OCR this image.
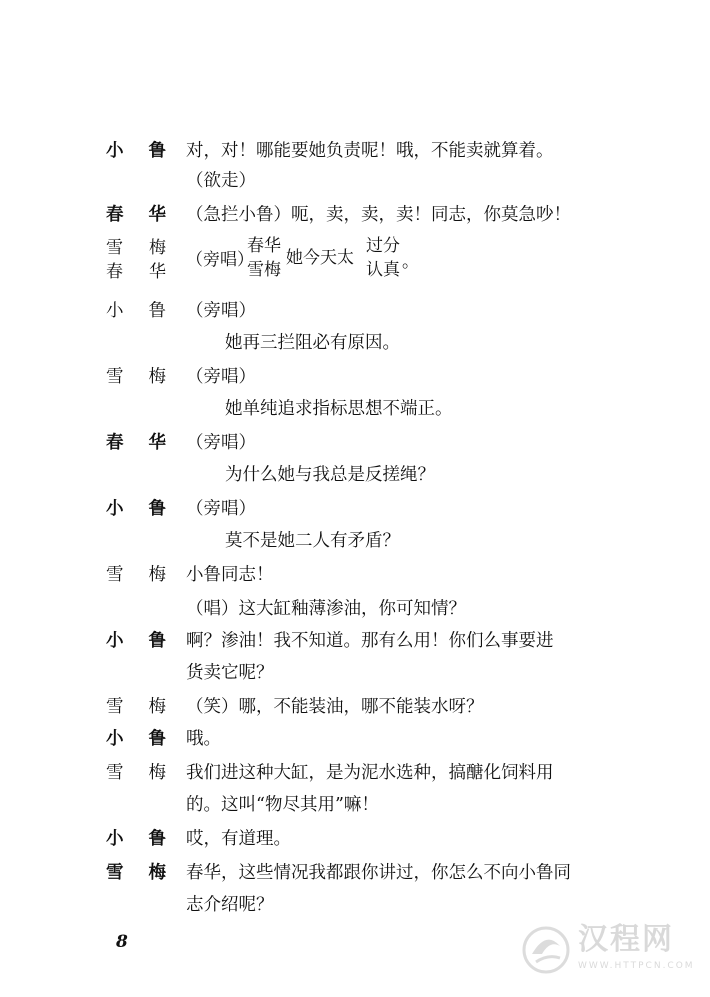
小 鲁 对，对！哪能要她负责呢！哦，不能卖就算着。
（欲走）
春 华 （急拦小鲁）呃，卖，卖，卖！同志，你莫急吵！
雪 梅
春 华
（旁唱）
春华
雪梅
她今天太
过分
认真 。
小 鲁 （旁唱）
她再三拦阻必有原因。
雪 梅 （旁唱）
她单纯追求指标思想不端正。
春 华 （旁唱）
为什么她与我总是反搓绳？
小 鲁 （旁唱）
莫不是她二人有矛盾？
雪 梅 小鲁同志！
（唱）这大缸釉薄渗油，你可知情？
小 鲁 啊？渗油！我不知道。那有么用！你们么事要进
货卖它呢？
雪 梅 （笑）哪，不能装油，哪不能装水呀？
小 鲁 哦。
雪 梅 我们进这种大缸，是为泥水选种，搞醣化饲料用
的。这叫“物尽其用”嘛！
小 鲁 哎，有道理。
雪 梅 春华，这些情况我都跟你讲过，你怎么不向小鲁同
志介绍呢？
8	汉程网
WWW.HTTPCN.COM
